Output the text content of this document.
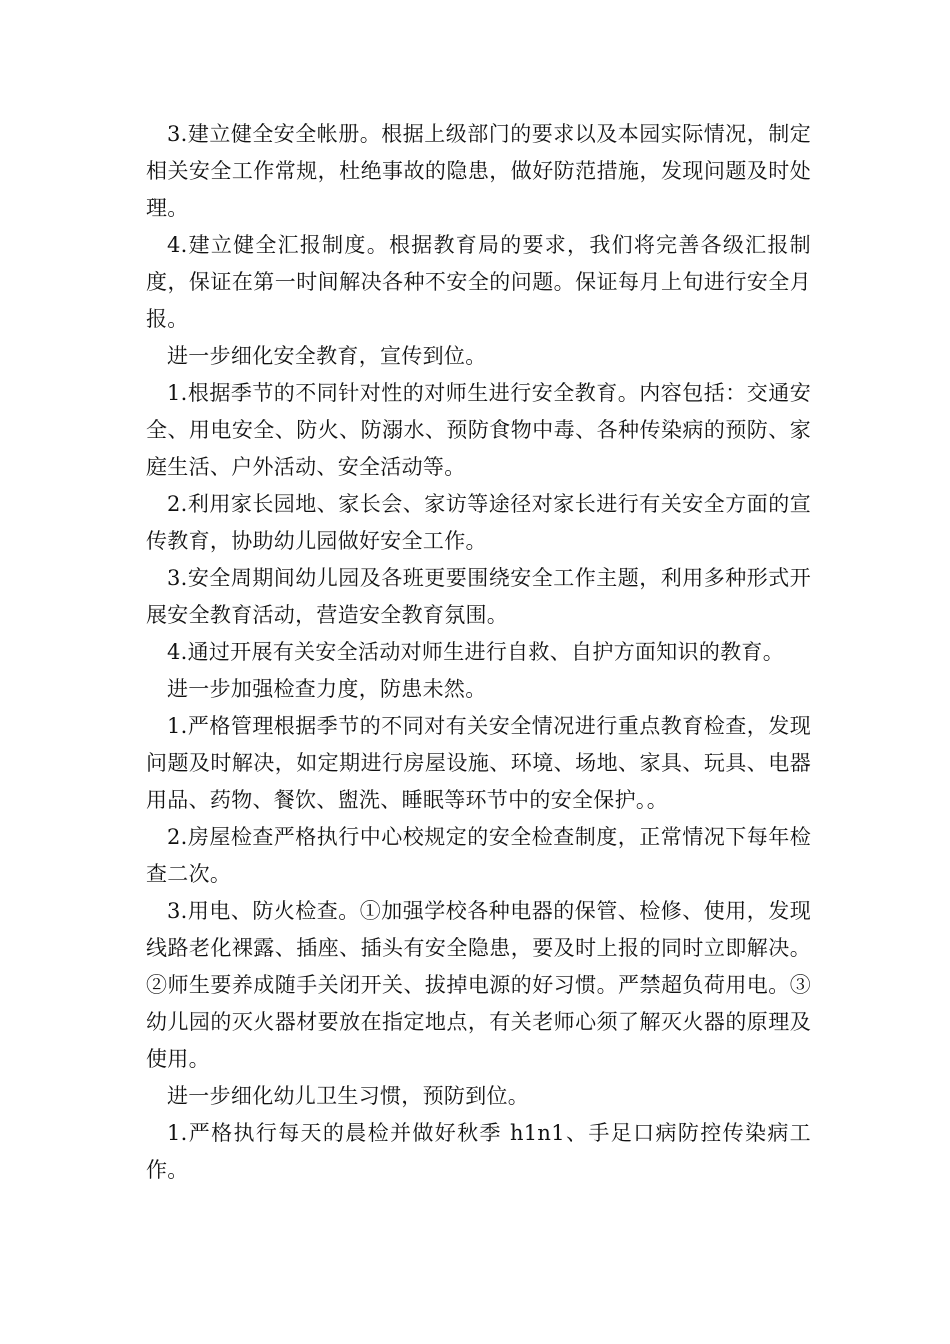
3.建立健全安全帐册。根据上级部门的要求以及本园实际情况，制定相关安全工作常规，杜绝事故的隐患，做好防范措施，发现问题及时处理。

4.建立健全汇报制度。根据教育局的要求，我们将完善各级汇报制度，保证在第一时间解决各种不安全的问题。保证每月上旬进行安全月报。

进一步细化安全教育，宣传到位。

1.根据季节的不同针对性的对师生进行安全教育。内容包括：交通安全、用电安全、防火、防溺水、预防食物中毒、各种传染病的预防、家庭生活、户外活动、安全活动等。

2.利用家长园地、家长会、家访等途径对家长进行有关安全方面的宣传教育，协助幼儿园做好安全工作。

3.安全周期间幼儿园及各班更要围绕安全工作主题，利用多种形式开展安全教育活动，营造安全教育氛围。

4.通过开展有关安全活动对师生进行自救、自护方面知识的教育。

进一步加强检查力度，防患未然。

1.严格管理根据季节的不同对有关安全情况进行重点教育检查，发现问题及时解决，如定期进行房屋设施、环境、场地、家具、玩具、电器用品、药物、餐饮、盥洗、睡眠等环节中的安全保护。。

2.房屋检查严格执行中心校规定的安全检查制度，正常情况下每年检查二次。

3.用电、防火检查。①加强学校各种电器的保管、检修、使用，发现线路老化裸露、插座、插头有安全隐患，要及时上报的同时立即解决。②师生要养成随手关闭开关、拔掉电源的好习惯。严禁超负荷用电。③幼儿园的灭火器材要放在指定地点，有关老师心须了解灭火器的原理及使用。

进一步细化幼儿卫生习惯，预防到位。

1.严格执行每天的晨检并做好秋季 h1n1、手足口病防控传染病工作。
